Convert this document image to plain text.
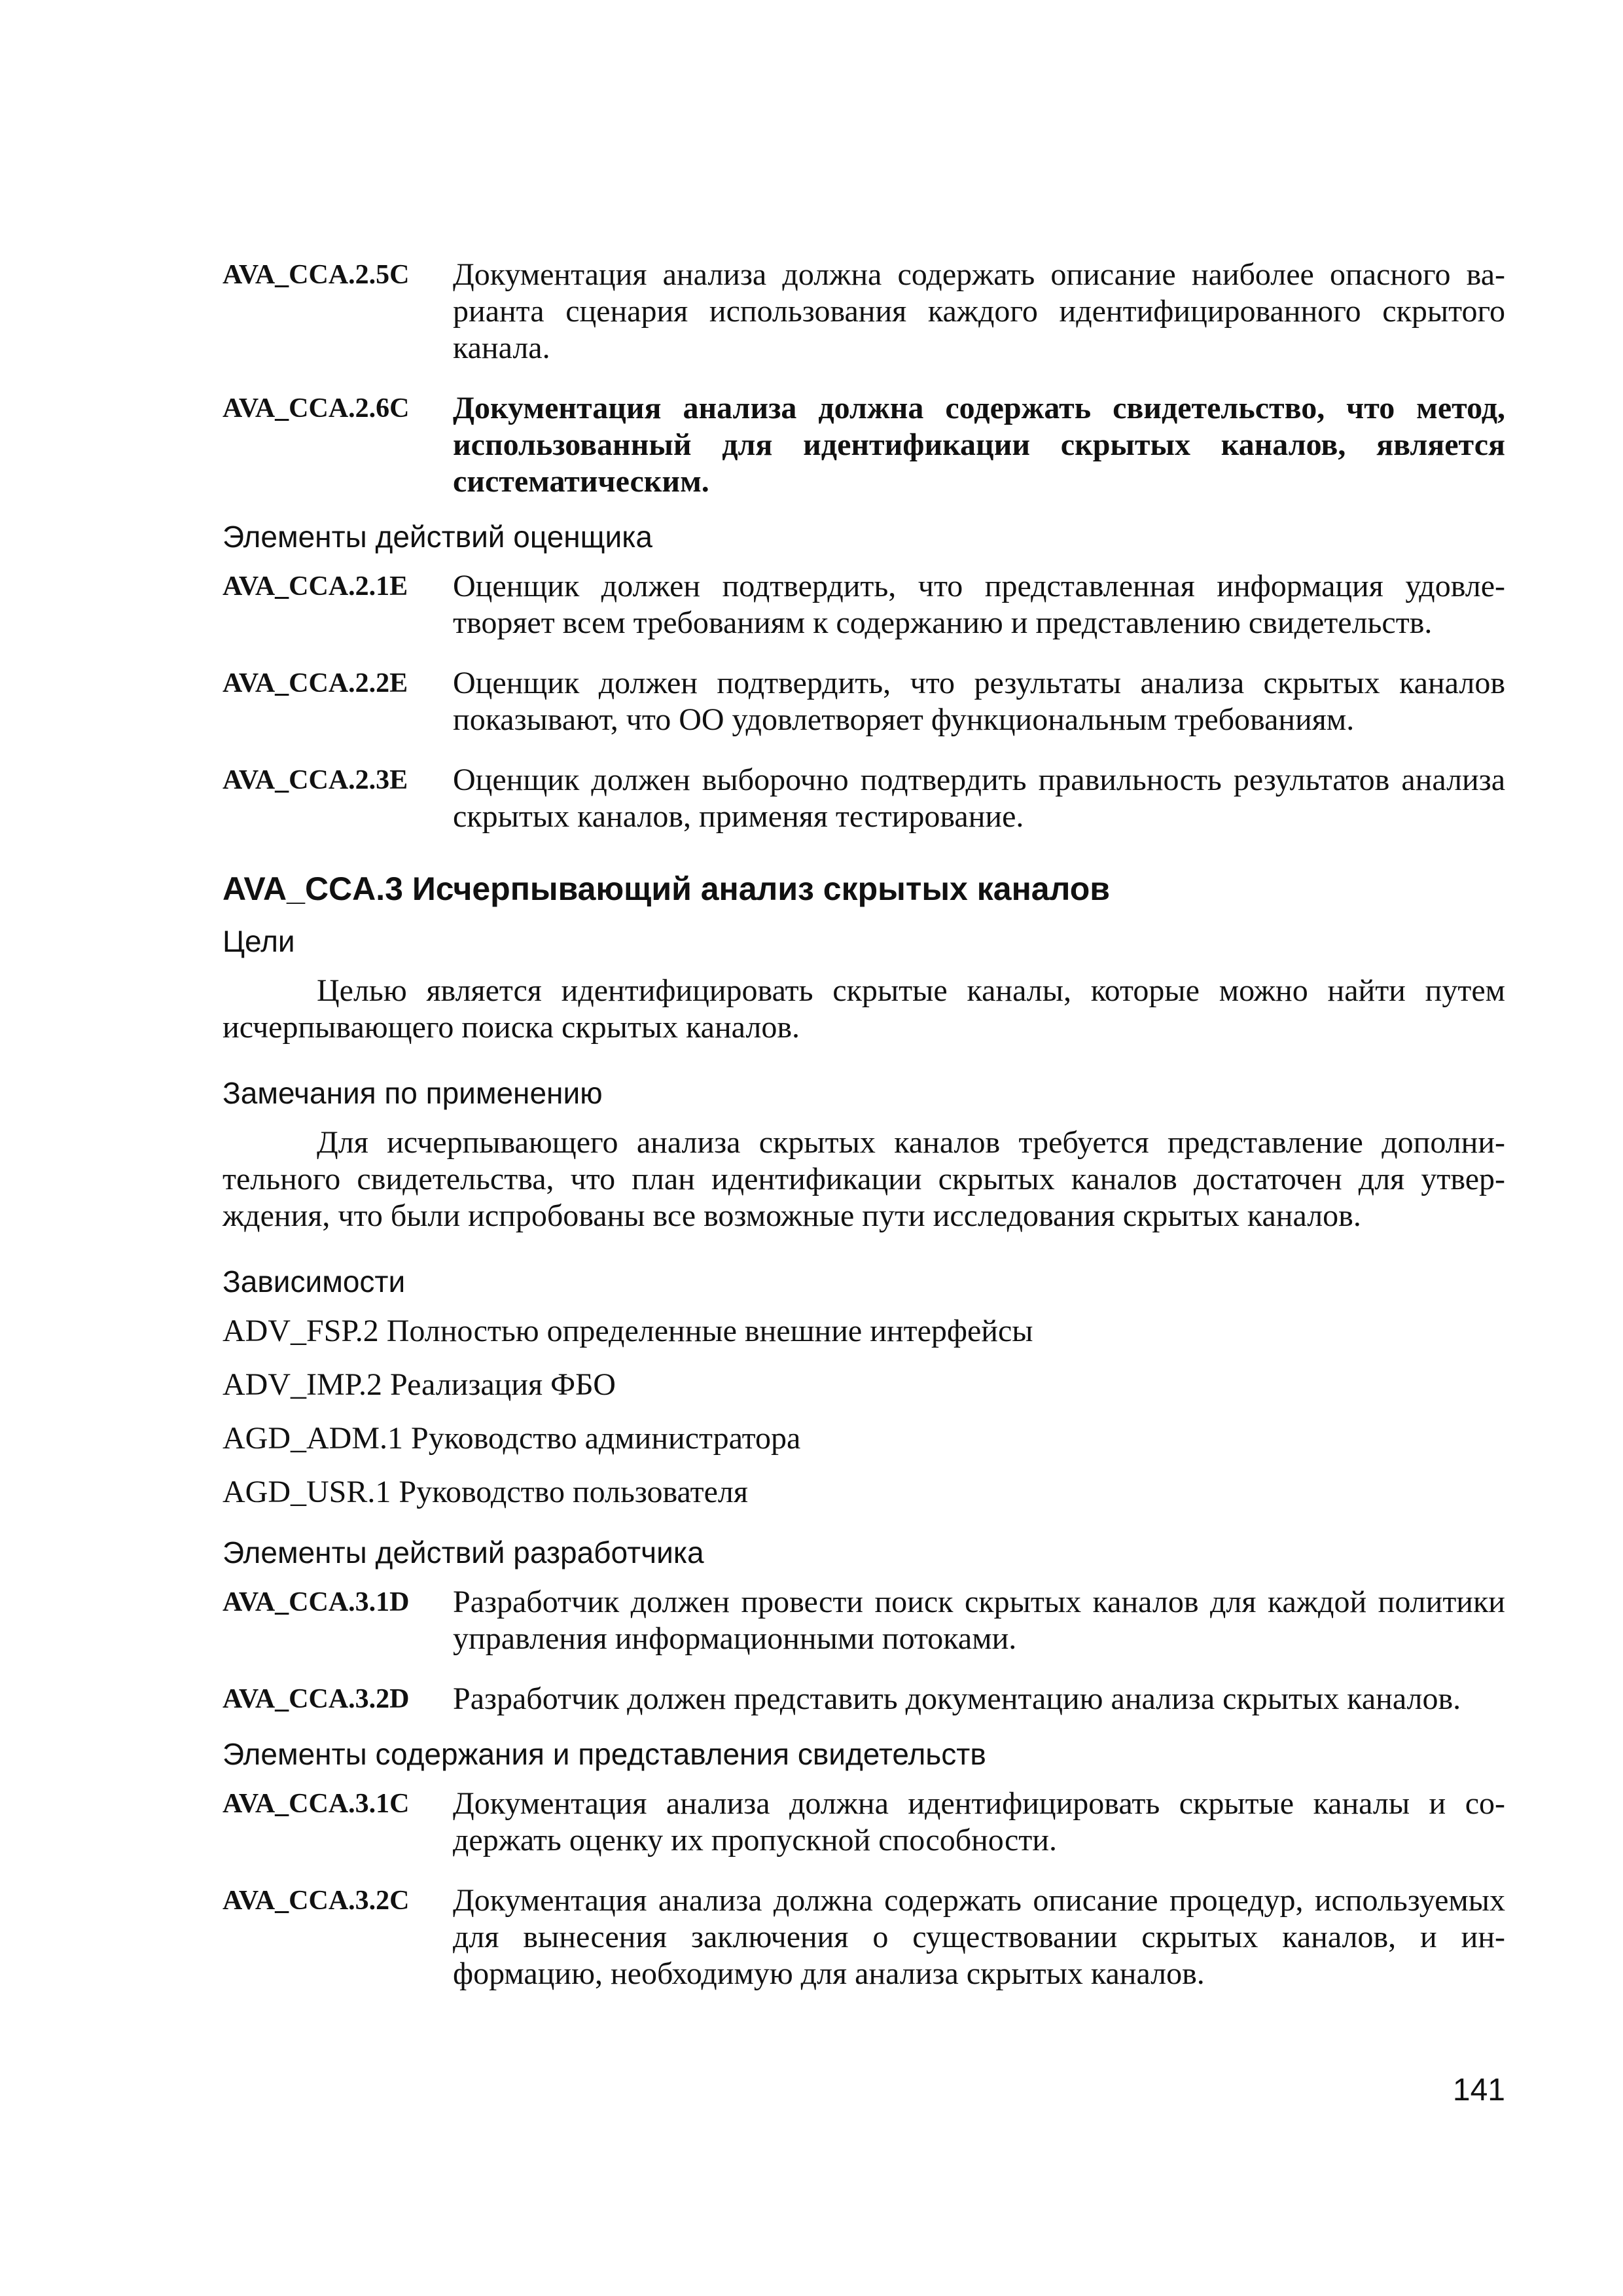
AVA_CCA.2.5C	Документация анализа должна содержать описание наиболее опасного варианта сценария использования каждого идентифицированного скрытого канала.
AVA_CCA.2.6C	Документация анализа должна содержать свидетельство, что метод, использованный для идентификации скрытых каналов, является систематическим.
Элементы действий оценщика
AVA_CCA.2.1E	Оценщик должен подтвердить, что представленная информация удовлетворяет всем требованиям к содержанию и представлению свидетельств.
AVA_CCA.2.2E	Оценщик должен подтвердить, что результаты анализа скрытых каналов показывают, что ОО удовлетворяет функциональным требованиям.
AVA_CCA.2.3E	Оценщик должен выборочно подтвердить правильность результатов анализа скрытых каналов, применяя тестирование.
AVA_CCA.3 Исчерпывающий анализ скрытых каналов
Цели
Целью является идентифицировать скрытые каналы, которые можно найти путем исчерпывающего поиска скрытых каналов.
Замечания по применению
Для исчерпывающего анализа скрытых каналов требуется представление дополнительного свидетельства, что план идентификации скрытых каналов достаточен для утверждения, что были испробованы все возможные пути исследования скрытых каналов.
Зависимости
ADV_FSP.2 Полностью определенные внешние интерфейсы
ADV_IMP.2 Реализация ФБО
AGD_ADM.1 Руководство администратора
AGD_USR.1 Руководство пользователя
Элементы действий разработчика
AVA_CCA.3.1D	Разработчик должен провести поиск скрытых каналов для каждой политики управления информационными потоками.
AVA_CCA.3.2D	Разработчик должен представить документацию анализа скрытых каналов.
Элементы содержания и представления свидетельств
AVA_CCA.3.1C	Документация анализа должна идентифицировать скрытые каналы и содержать оценку их пропускной способности.
AVA_CCA.3.2C	Документация анализа должна содержать описание процедур, используемых для вынесения заключения о существовании скрытых каналов, и информацию, необходимую для анализа скрытых каналов.
141
